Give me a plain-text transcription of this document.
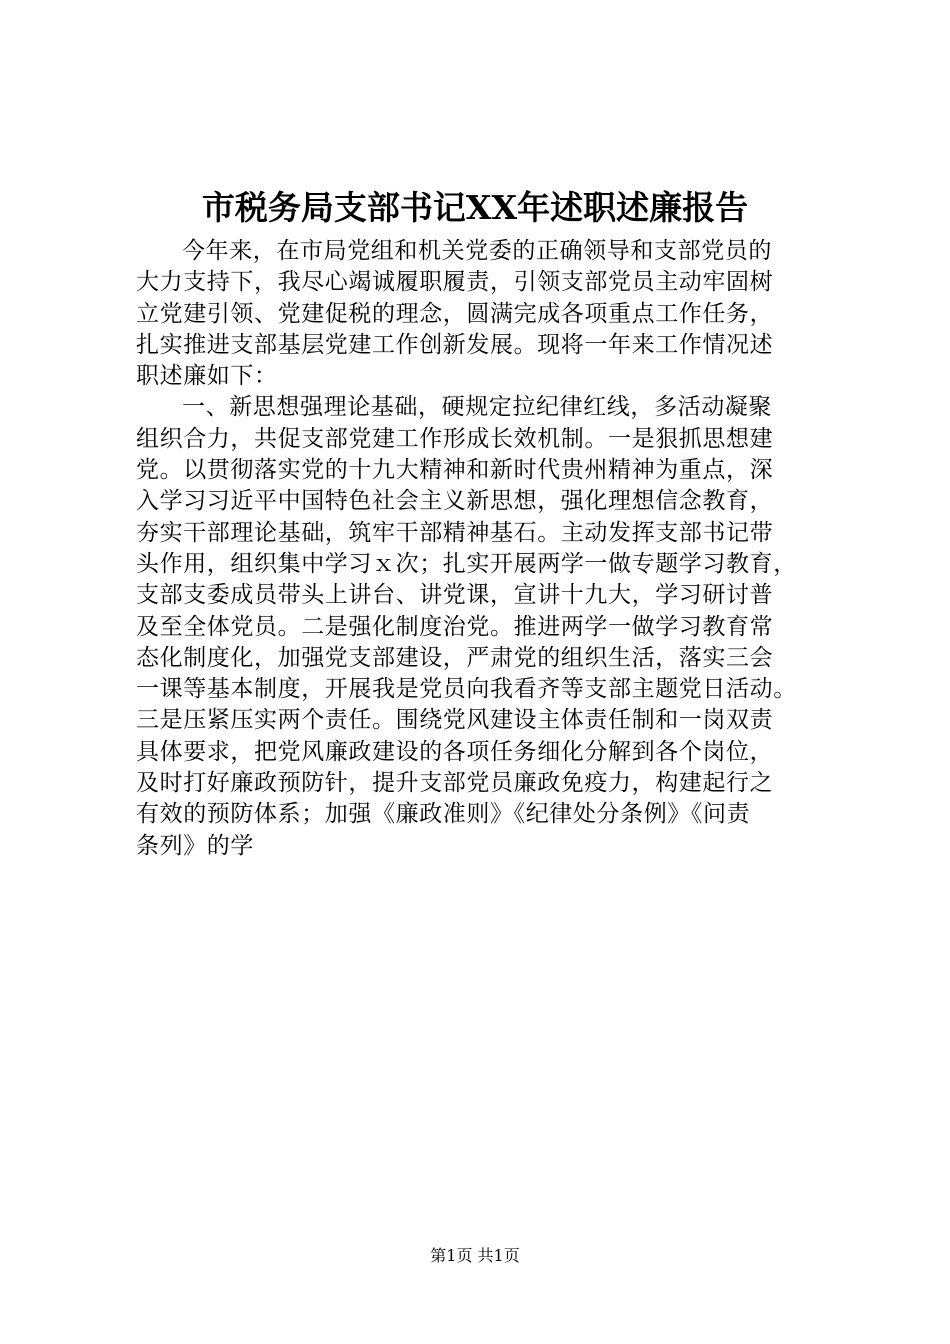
市税务局支部书记XX年述职述廉报告
今年来，在市局党组和机关党委的正确领导和支部党员的
大力支持下，我尽心竭诚履职履责，引领支部党员主动牢固树
立党建引领、党建促税的理念，圆满完成各项重点工作任务，
扎实推进支部基层党建工作创新发展。现将一年来工作情况述
职述廉如下：
一、新思想强理论基础，硬规定拉纪律红线，多活动凝聚
组织合力，共促支部党建工作形成长效机制。一是狠抓思想建
党。以贯彻落实党的十九大精神和新时代贵州精神为重点，深
入学习习近平中国特色社会主义新思想，强化理想信念教育，
夯实干部理论基础，筑牢干部精神基石。主动发挥支部书记带
头作用，组织集中学习ｘ次；扎实开展两学一做专题学习教育，
支部支委成员带头上讲台、讲党课，宣讲十九大，学习研讨普
及至全体党员。二是强化制度治党。推进两学一做学习教育常
态化制度化，加强党支部建设，严肃党的组织生活，落实三会
一课等基本制度，开展我是党员向我看齐等支部主题党日活动。
三是压紧压实两个责任。围绕党风建设主体责任制和一岗双责
具体要求，把党风廉政建设的各项任务细化分解到各个岗位，
及时打好廉政预防针，提升支部党员廉政免疫力，构建起行之
有效的预防体系；加强《廉政准则》《纪律处分条例》《问责
条列》的学
第1页 共1页
